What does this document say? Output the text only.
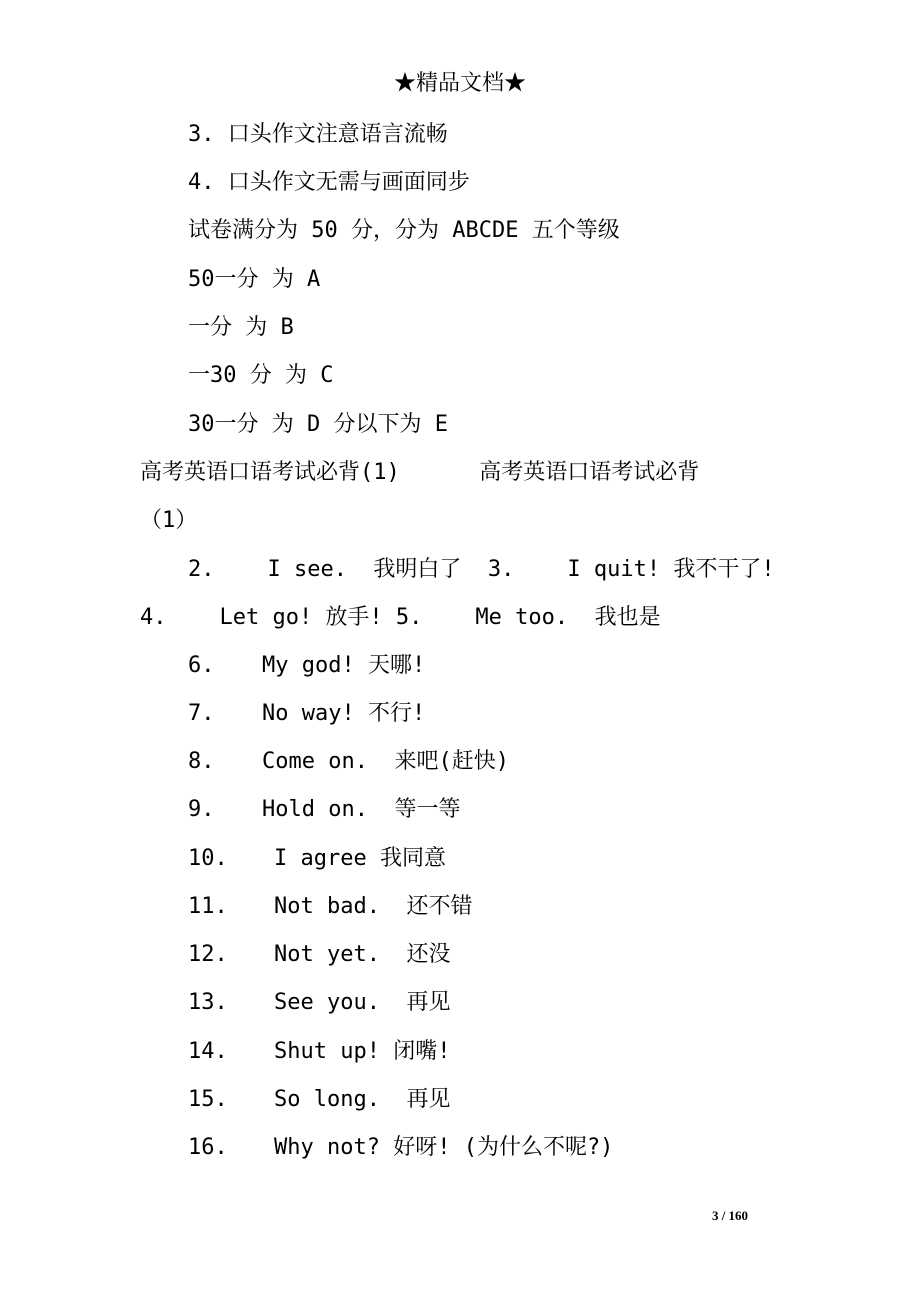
★精品文档★
3. 口头作文注意语言流畅
4. 口头作文无需与画面同步
试卷满分为 50 分，分为 ABCDE 五个等级
50一分 为 A
一分 为 B
一30 分 为 C
30一分 为 D 分以下为 E
高考英语口语考试必背(1)      高考英语口语考试必背
（1）
2.    I see.  我明白了  3.    I quit! 我不干了!
4.    Let go! 放手! 5.    Me too.  我也是
6. My god! 天哪!
7. No way! 不行!
8. Come on.  来吧(赶快)
9. Hold on.  等一等
10. I agree 我同意
11. Not bad.  还不错
12. Not yet.  还没
13. See you.  再见
14. Shut up! 闭嘴!
15. So long.  再见
16. Why not? 好呀! (为什么不呢?)
3 / 160
